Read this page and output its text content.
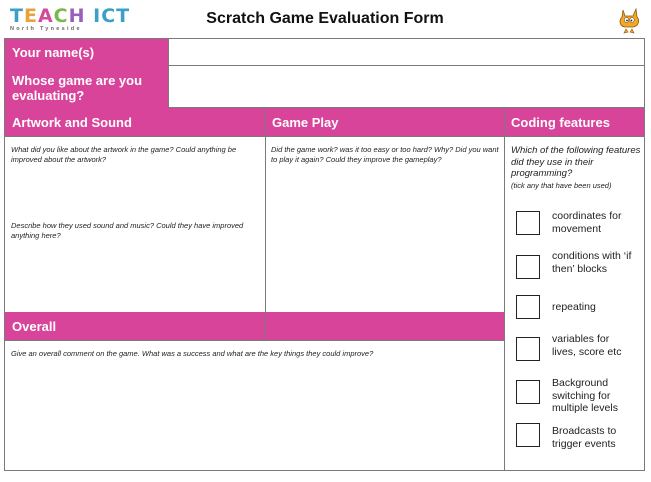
TEACH ICT
North Tyneside
Scratch Game Evaluation Form
Your name(s)
Whose game are you evaluating?
Artwork and Sound	Game Play	Coding features
Overall
What did you like about the artwork in the game? Could anything be improved about the artwork?
Describe how they used sound and music? Could they have improved anything here?
Did the game work? was it too easy or too hard? Why? Did you want to play it again? Could they improve the gameplay?
Give an overall comment on the game. What was a success and what are the key things they could improve?
Which of the following features did they use in their programming?
(tick any that have been used)
coordinates for movement
conditions with ‘if then’ blocks
repeating
variables for lives, score etc
Background switching for multiple levels
Broadcasts to trigger events
